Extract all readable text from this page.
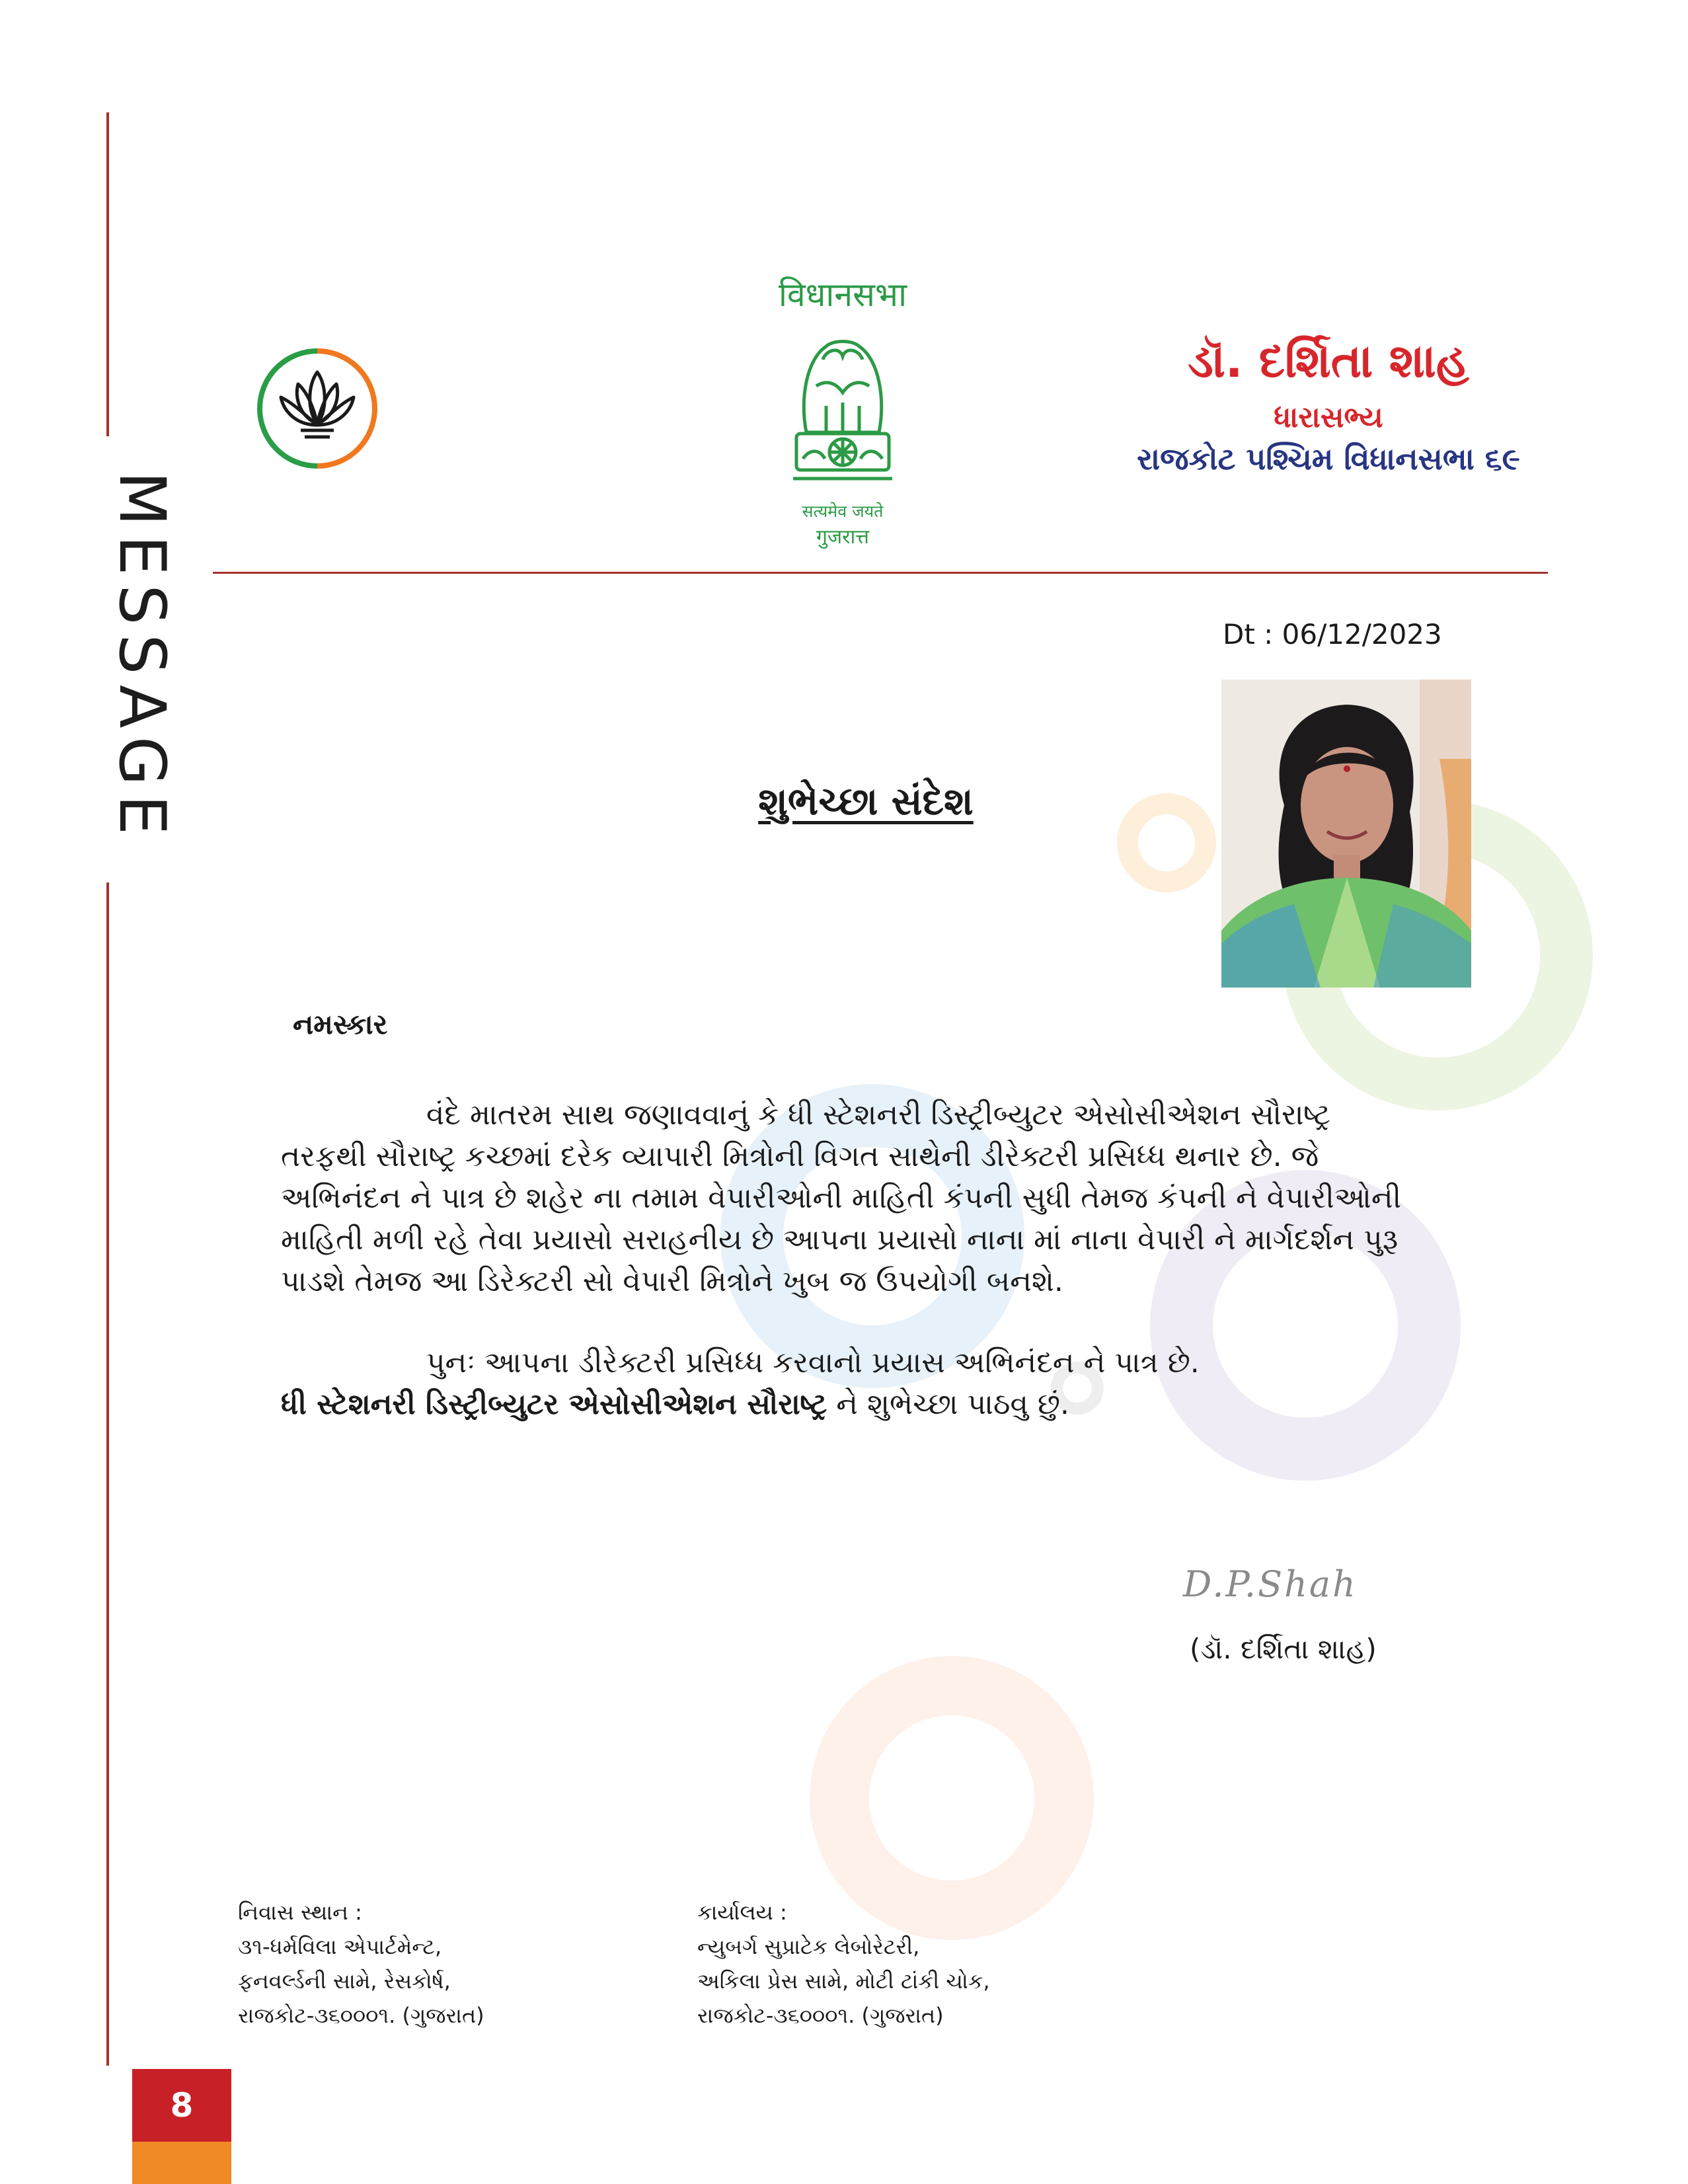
MESSAGE
विधानसभा
सत्यमेव जयते
गुजरात्त
ડૉ. દર્શિતા શાહ
ધારાસભ્ય
રાજકોટ પશ્ચિમ વિધાનસભા ૬૯
Dt : 06/12/2023
શુભેચ્છા સંદેશ
નમસ્કાર

વંદે માતરમ સાથ જણાવવાનું કે ધી સ્ટેશનરી ડિસ્ટ્રીબ્યુટર એસોસીએશન સૌરાષ્ટ્ર તરફથી સૌરાષ્ટ્ર કચ્છમાં દરેક વ્યાપારી મિત્રોની વિગત સાથેની ડીરેક્ટરી પ્રસિધ્ધ થનાર છે. જે અભિનંદન ને પાત્ર છે શહેર ના તમામ વેપારીઓની માહિતી કંપની સુધી તેમજ કંપની ને વેપારીઓની માહિતી મળી રહે તેવા પ્રયાસો સરાહનીય છે આપના પ્રયાસો નાના માં નાના વેપારી ને માર્ગદર્શન પુરૂ પાડશે તેમજ આ ડિરેક્ટરી સો વેપારી મિત્રોને ખુબ જ ઉપયોગી બનશે.

પુનઃ આપના ડીરેક્ટરી પ્રસિધ્ધ કરવાનો પ્રયાસ અભિનંદન ને પાત્ર છે.
ધી સ્ટેશનરી ડિસ્ટ્રીબ્યુટર એસોસીએશન સૌરાષ્ટ્ર ને શુભેચ્છા પાઠવુ છું.

D.P.Shah
(ડૉ. દર્શિતા શાહ)
નિવાસ સ્થાન :
૩૧-ધર્મવિલા એપાર્ટમેન્ટ,
ફનવર્લ્ડની સામે, રેસકોર્ષ,
રાજકોટ-૩૬૦૦૦૧. (ગુજરાત)
કાર્યાલય :
ન્યુબર્ગ સુપ્રાટેક લેબોરેટરી,
અકિલા પ્રેસ સામે, મોટી ટાંકી ચોક,
રાજકોટ-૩૬૦૦૦૧. (ગુજરાત)
8
